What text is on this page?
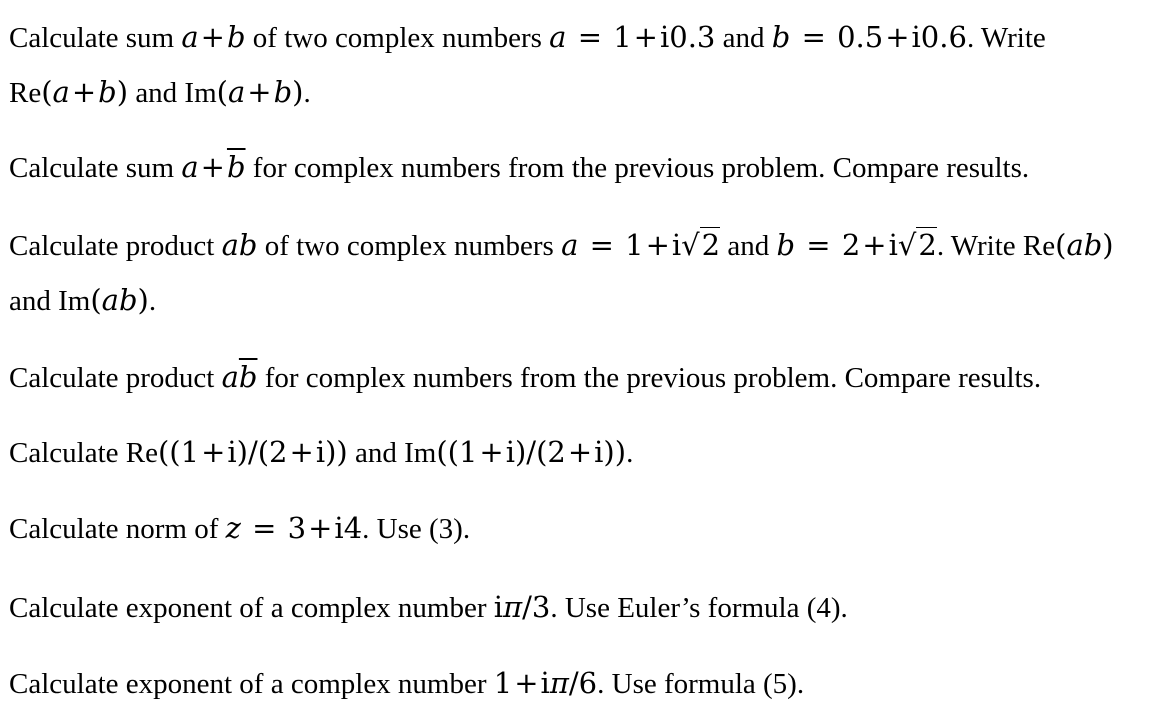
Calculate sum a+b of two complex numbers a = 1+i0.3 and b = 0.5+i0.6. Write Re(a+b) and Im(a+b).
Calculate sum $a+\overline{b}$ for complex numbers from the previous problem. Compare results.
Calculate product ab of two complex numbers a = 1+i√2 and b = 2+i√2. Write Re(ab) and Im(ab).
Calculate product $a\overline{b}$ for complex numbers from the previous problem. Compare results.
Calculate Re((1+i)/(2+i)) and Im((1+i)/(2+i)).
Calculate norm of z = 3+i4. Use (3).
Calculate exponent of a complex number iπ/3. Use Euler’s formula (4).
Calculate exponent of a complex number 1+iπ/6. Use formula (5).
